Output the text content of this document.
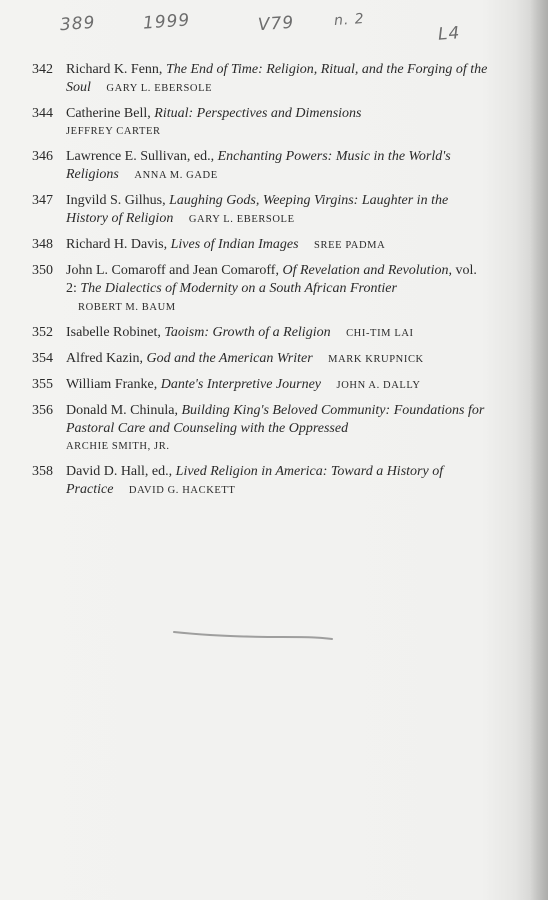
389	1999	V79	n. 2
L4
342 Richard K. Fenn, The End of Time: Religion, Ritual, and the Forging of the Soul GARY L. EBERSOLE
344 Catherine Bell, Ritual: Perspectives and Dimensions
JEFFREY CARTER
346 Lawrence E. Sullivan, ed., Enchanting Powers: Music in the World's Religions ANNA M. GADE
347 Ingvild S. Gilhus, Laughing Gods, Weeping Virgins: Laughter in the History of Religion GARY L. EBERSOLE
348 Richard H. Davis, Lives of Indian Images SREE PADMA
350 John L. Comaroff and Jean Comaroff, Of Revelation and Revolution, vol. 2: The Dialectics of Modernity on a South African Frontier ROBERT M. BAUM
352 Isabelle Robinet, Taoism: Growth of a Religion CHI-TIM LAI
354 Alfred Kazin, God and the American Writer MARK KRUPNICK
355 William Franke, Dante's Interpretive Journey JOHN A. DALLY
356 Donald M. Chinula, Building King's Beloved Community: Foundations for Pastoral Care and Counseling with the Oppressed
ARCHIE SMITH, JR.
358 David D. Hall, ed., Lived Religion in America: Toward a History of Practice DAVID G. HACKETT
